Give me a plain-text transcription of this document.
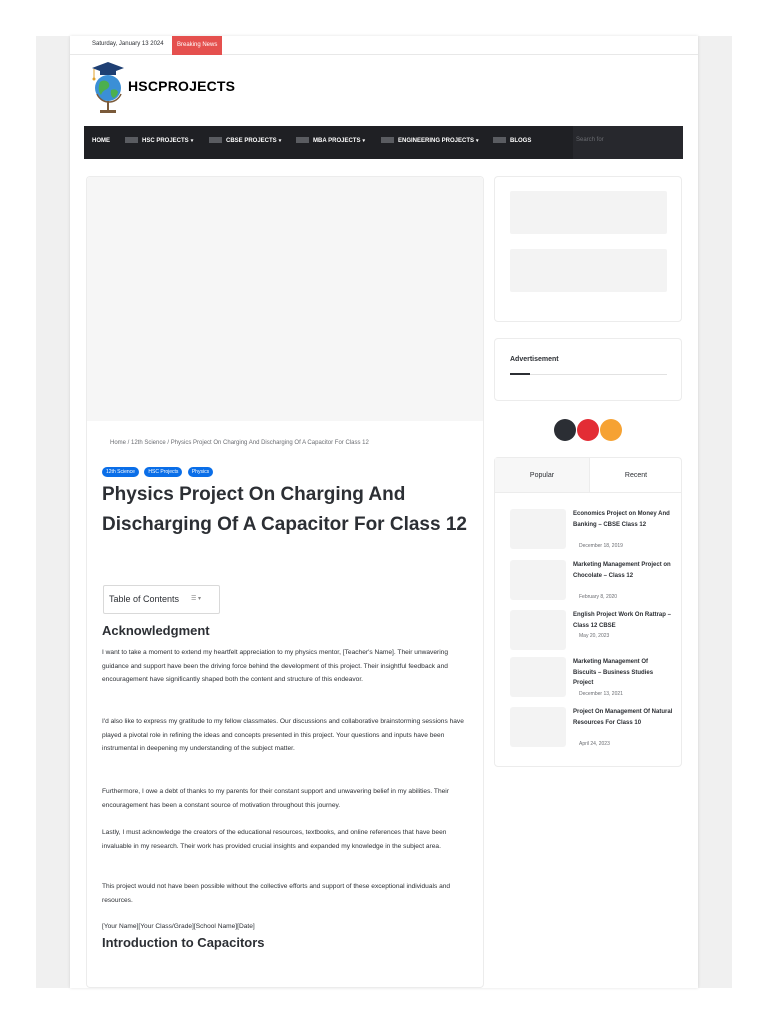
Saturday, January 13 2024	Breaking News
HSCPROJECTS
HOME	HSC PROJECTS ▾	CBSE PROJECTS ▾	MBA PROJECTS ▾	ENGINEERING PROJECTS ▾	BLOGS	Search for
Home / 12th Science / Physics Project On Charging And Discharging Of A Capacitor For Class 12
12th Science	HSC Projects	Physics
Physics Project On Charging And Discharging Of A Capacitor For Class 12
Table of Contents ☰ ▾
Acknowledgment

I want to take a moment to extend my heartfelt appreciation to my physics mentor, [Teacher's Name]. Their unwavering guidance and support have been the driving force behind the development of this project. Their insightful feedback and encouragement have significantly shaped both the content and structure of this endeavor.

I'd also like to express my gratitude to my fellow classmates. Our discussions and collaborative brainstorming sessions have played a pivotal role in refining the ideas and concepts presented in this project. Your questions and inputs have been instrumental in deepening my understanding of the subject matter.

Furthermore, I owe a debt of thanks to my parents for their constant support and unwavering belief in my abilities. Their encouragement has been a constant source of motivation throughout this journey.

Lastly, I must acknowledge the creators of the educational resources, textbooks, and online references that have been invaluable in my research. Their work has provided crucial insights and expanded my knowledge in the subject area.

This project would not have been possible without the collective efforts and support of these exceptional individuals and resources.

[Your Name][Your Class/Grade][School Name][Date]

Introduction to Capacitors
Advertisement
Popular	Recent
Economics Project on Money And Banking – CBSE Class 12
December 18, 2019
Marketing Management Project on Chocolate – Class 12
February 8, 2020
English Project Work On Rattrap – Class 12 CBSE
May 20, 2023
Marketing Management Of Biscuits – Business Studies Project
December 13, 2021
Project On Management Of Natural Resources For Class 10
April 24, 2023
